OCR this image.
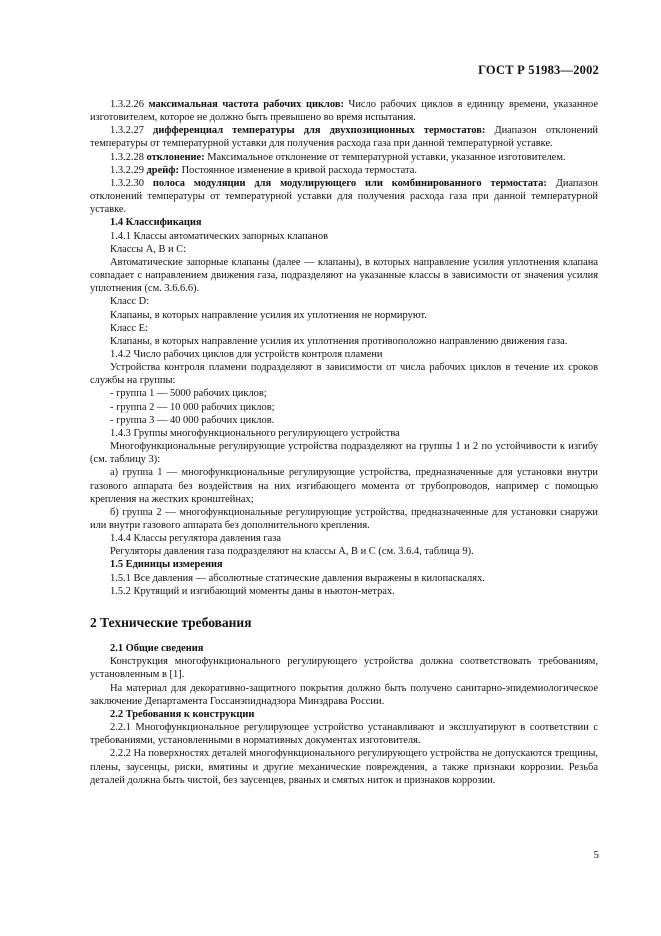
ГОСТ Р 51983—2002

1.3.2.26 максимальная частота рабочих циклов: Число рабочих циклов в единицу времени, указанное изготовителем, которое не должно быть превышено во время испытания.

1.3.2.27 дифференциал температуры для двухпозиционных термостатов: Диапазон отклонений температуры от температурной уставки для получения расхода газа при данной температурной уставке.

1.3.2.28 отклонение: Максимальное отклонение от температурной уставки, указанное изготовителем.

1.3.2.29 дрейф: Постоянное изменение в кривой расхода термостата.

1.3.2.30 полоса модуляции для модулирующего или комбинированного термостата: Диапазон отклонений температуры от температурной уставки для получения расхода газа при данной температурной уставке.

1.4 Классификация

1.4.1 Классы автоматических запорных клапанов

Классы А, В и С:

Автоматические запорные клапаны (далее — клапаны), в которых направление усилия уплотнения клапана совпадает с направлением движения газа, подразделяют на указанные классы в зависимости от значения усилия уплотнения (см. 3.6.6.6).

Класс D:

Клапаны, в которых направление усилия их уплотнения не нормируют.

Класс Е:

Клапаны, в которых направление усилия их уплотнения противоположно направлению движения газа.

1.4.2 Число рабочих циклов для устройств контроля пламени

Устройства контроля пламени подразделяют в зависимости от числа рабочих циклов в течение их сроков службы на группы:

- группа 1 — 5000 рабочих циклов;

- группа 2 — 10 000 рабочих циклов;

- группа 3 — 40 000 рабочих циклов.

1.4.3 Группы многофункционального регулирующего устройства

Многофункциональные регулирующие устройства подразделяют на группы 1 и 2 по устойчивости к изгибу (см. таблицу 3):

а) группа 1 — многофункциональные регулирующие устройства, предназначенные для установки внутри газового аппарата без воздействия на них изгибающего момента от трубопроводов, например с помощью крепления на жестких кронштейнах;

б) группа 2 — многофункциональные регулирующие устройства, предназначенные для установки снаружи или внутри газового аппарата без дополнительного крепления.

1.4.4 Классы регулятора давления газа

Регуляторы давления газа подразделяют на классы А, В и С (см. 3.6.4, таблица 9).

1.5 Единицы измерения

1.5.1 Все давления — абсолютные статические давления выражены в килопаскалях.

1.5.2 Крутящий и изгибающий моменты даны в ньютон-метрах.

2 Технические требования

2.1 Общие сведения

Конструкция многофункционального регулирующего устройства должна соответствовать требованиям, установленным в [1].

На материал для декоративно-защитного покрытия должно быть получено санитарно-эпидемиологическое заключение Департамента Госсанэпиднадзора Минздрава России.

2.2 Требования к конструкции

2.2.1 Многофункциональное регулирующее устройство устанавливают и эксплуатируют в соответствии с требованиями, установленными в нормативных документах изготовителя.

2.2.2 На поверхностях деталей многофункционального регулирующего устройства не допускаются трещины, плены, заусенцы, риски, вмятины и другие механические повреждения, а также признаки коррозии. Резьба деталей должна быть чистой, без заусенцев, рваных и смятых ниток и признаков коррозии.

5
